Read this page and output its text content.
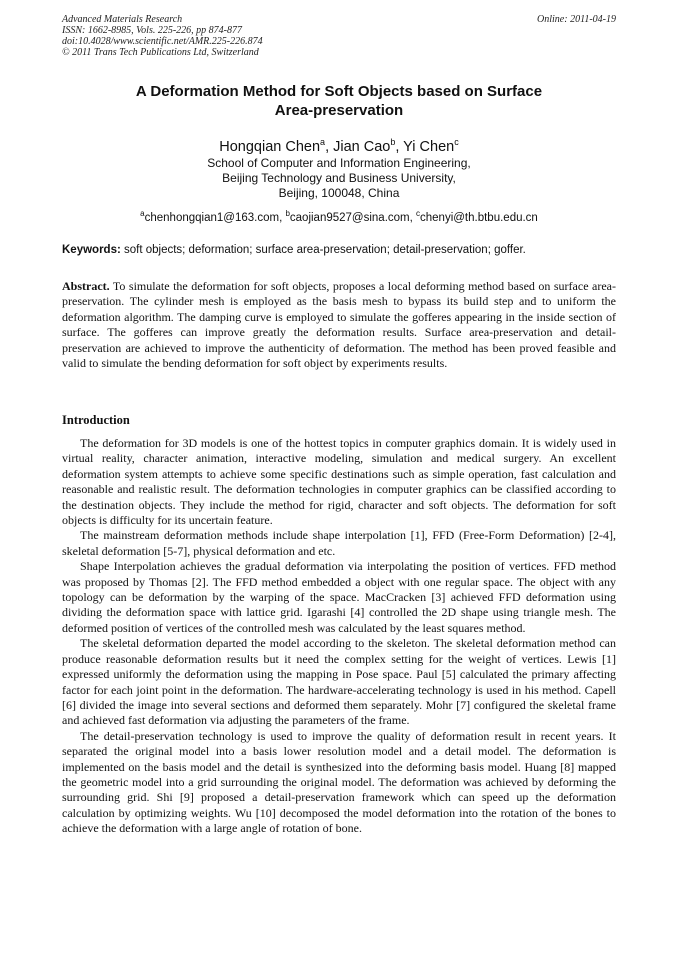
Advanced Materials Research
ISSN: 1662-8985, Vols. 225-226, pp 874-877
doi:10.4028/www.scientific.net/AMR.225-226.874
© 2011 Trans Tech Publications Ltd, Switzerland
Online: 2011-04-19
A Deformation Method for Soft Objects based on Surface
Area-preservation
Hongqian Chen$^a$, Jian Cao$^b$, Yi Chen$^c$
School of Computer and Information Engineering,
Beijing Technology and Business University,
Beijing, 100048, China
$^a$chenhongqian1@163.com, $^b$caojian9527@sina.com, $^c$chenyi@th.btbu.edu.cn
Keywords: soft objects; deformation; surface area-preservation; detail-preservation; goffer.
Abstract. To simulate the deformation for soft objects, proposes a local deforming method based on surface area-preservation. The cylinder mesh is employed as the basis mesh to bypass its build step and to uniform the deformation algorithm. The damping curve is employed to simulate the gofferes appearing in the inside section of surface. The gofferes can improve greatly the deformation results. Surface area-preservation and detail-preservation are achieved to improve the authenticity of deformation. The method has been proved feasible and valid to simulate the bending deformation for soft object by experiments results.
Introduction

The deformation for 3D models is one of the hottest topics in computer graphics domain. It is widely used in virtual reality, character animation, interactive modeling, simulation and medical surgery. An excellent deformation system attempts to achieve some specific destinations such as simple operation, fast calculation and reasonable and realistic result. The deformation technologies in computer graphics can be classified according to the destination objects. They include the method for rigid, character and soft objects. The deformation for soft objects is difficulty for its uncertain feature.

The mainstream deformation methods include shape interpolation [1], FFD (Free-Form Deformation) [2-4], skeletal deformation [5-7], physical deformation and etc.

Shape Interpolation achieves the gradual deformation via interpolating the position of vertices. FFD method was proposed by Thomas [2]. The FFD method embedded a object with one regular space. The object with any topology can be deformation by the warping of the space. MacCracken [3] achieved FFD deformation using dividing the deformation space with lattice grid. Igarashi [4] controlled the 2D shape using triangle mesh. The deformed position of vertices of the controlled mesh was calculated by the least squares method.

The skeletal deformation departed the model according to the skeleton. The skeletal deformation method can produce reasonable deformation results but it need the complex setting for the weight of vertices. Lewis [1] expressed uniformly the deformation using the mapping in Pose space. Paul [5] calculated the primary affecting factor for each joint point in the deformation. The hardware-accelerating technology is used in his method. Capell [6] divided the image into several sections and deformed them separately. Mohr [7] configured the skeletal frame and achieved fast deformation via adjusting the parameters of the frame.

The detail-preservation technology is used to improve the quality of deformation result in recent years. It separated the original model into a basis lower resolution model and a detail model. The deformation is implemented on the basis model and the detail is synthesized into the deforming basis model. Huang [8] mapped the geometric model into a grid surrounding the original model. The deformation was achieved by deforming the surrounding grid. Shi [9] proposed a detail-preservation framework which can speed up the deformation calculation by optimizing weights. Wu [10] decomposed the model deformation into the rotation of the bones to achieve the deformation with a large angle of rotation of bone.
